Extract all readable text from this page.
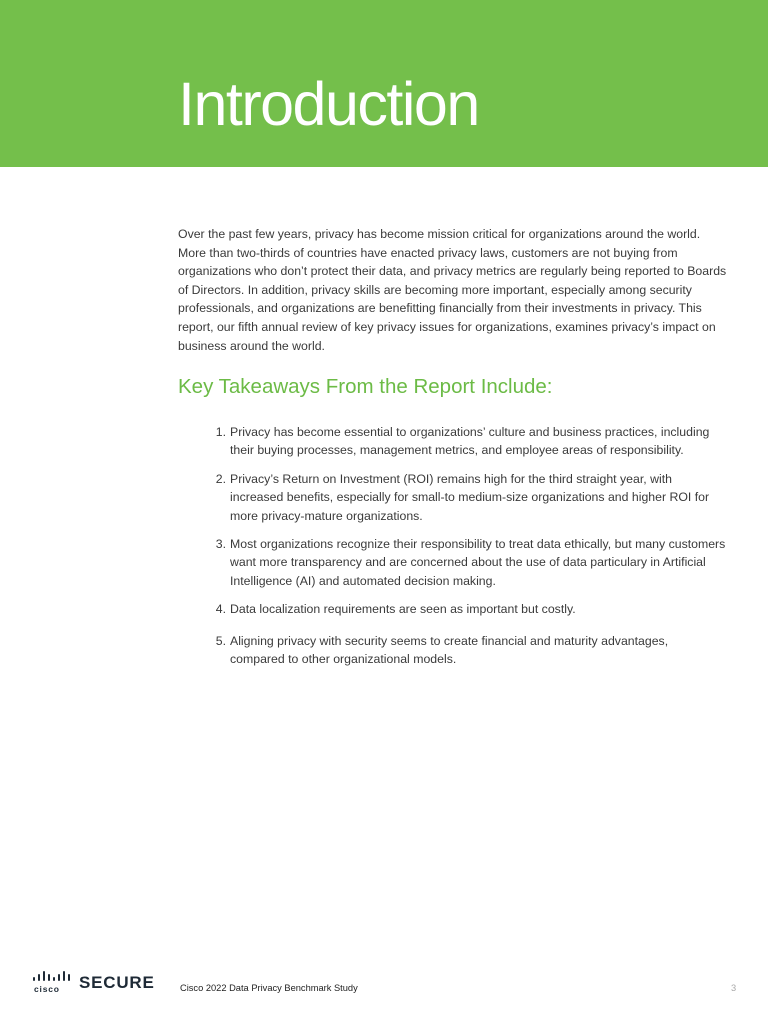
Introduction

Over the past few years, privacy has become mission critical for organizations around the world. More than two-thirds of countries have enacted privacy laws, customers are not buying from organizations who don’t protect their data, and privacy metrics are regularly being reported to Boards of Directors. In addition, privacy skills are becoming more important, especially among security professionals, and organizations are benefitting financially from their investments in privacy. This report, our fifth annual review of key privacy issues for organizations, examines privacy’s impact on business around the world.

Key Takeaways From the Report Include:
1. Privacy has become essential to organizations’ culture and business practices, including their buying processes, management metrics, and employee areas of responsibility.
2. Privacy’s Return on Investment (ROI) remains high for the third straight year, with increased benefits, especially for small-to medium-size organizations and higher ROI for more privacy-mature organizations.
3. Most organizations recognize their responsibility to treat data ethically, but many customers want more transparency and are concerned about the use of data particulary in Artificial Intelligence (AI) and automated decision making.
4. Data localization requirements are seen as important but costly.
5. Aligning privacy with security seems to create financial and maturity advantages, compared to other organizational models.
cisco SECURE	Cisco 2022 Data Privacy Benchmark Study	3
